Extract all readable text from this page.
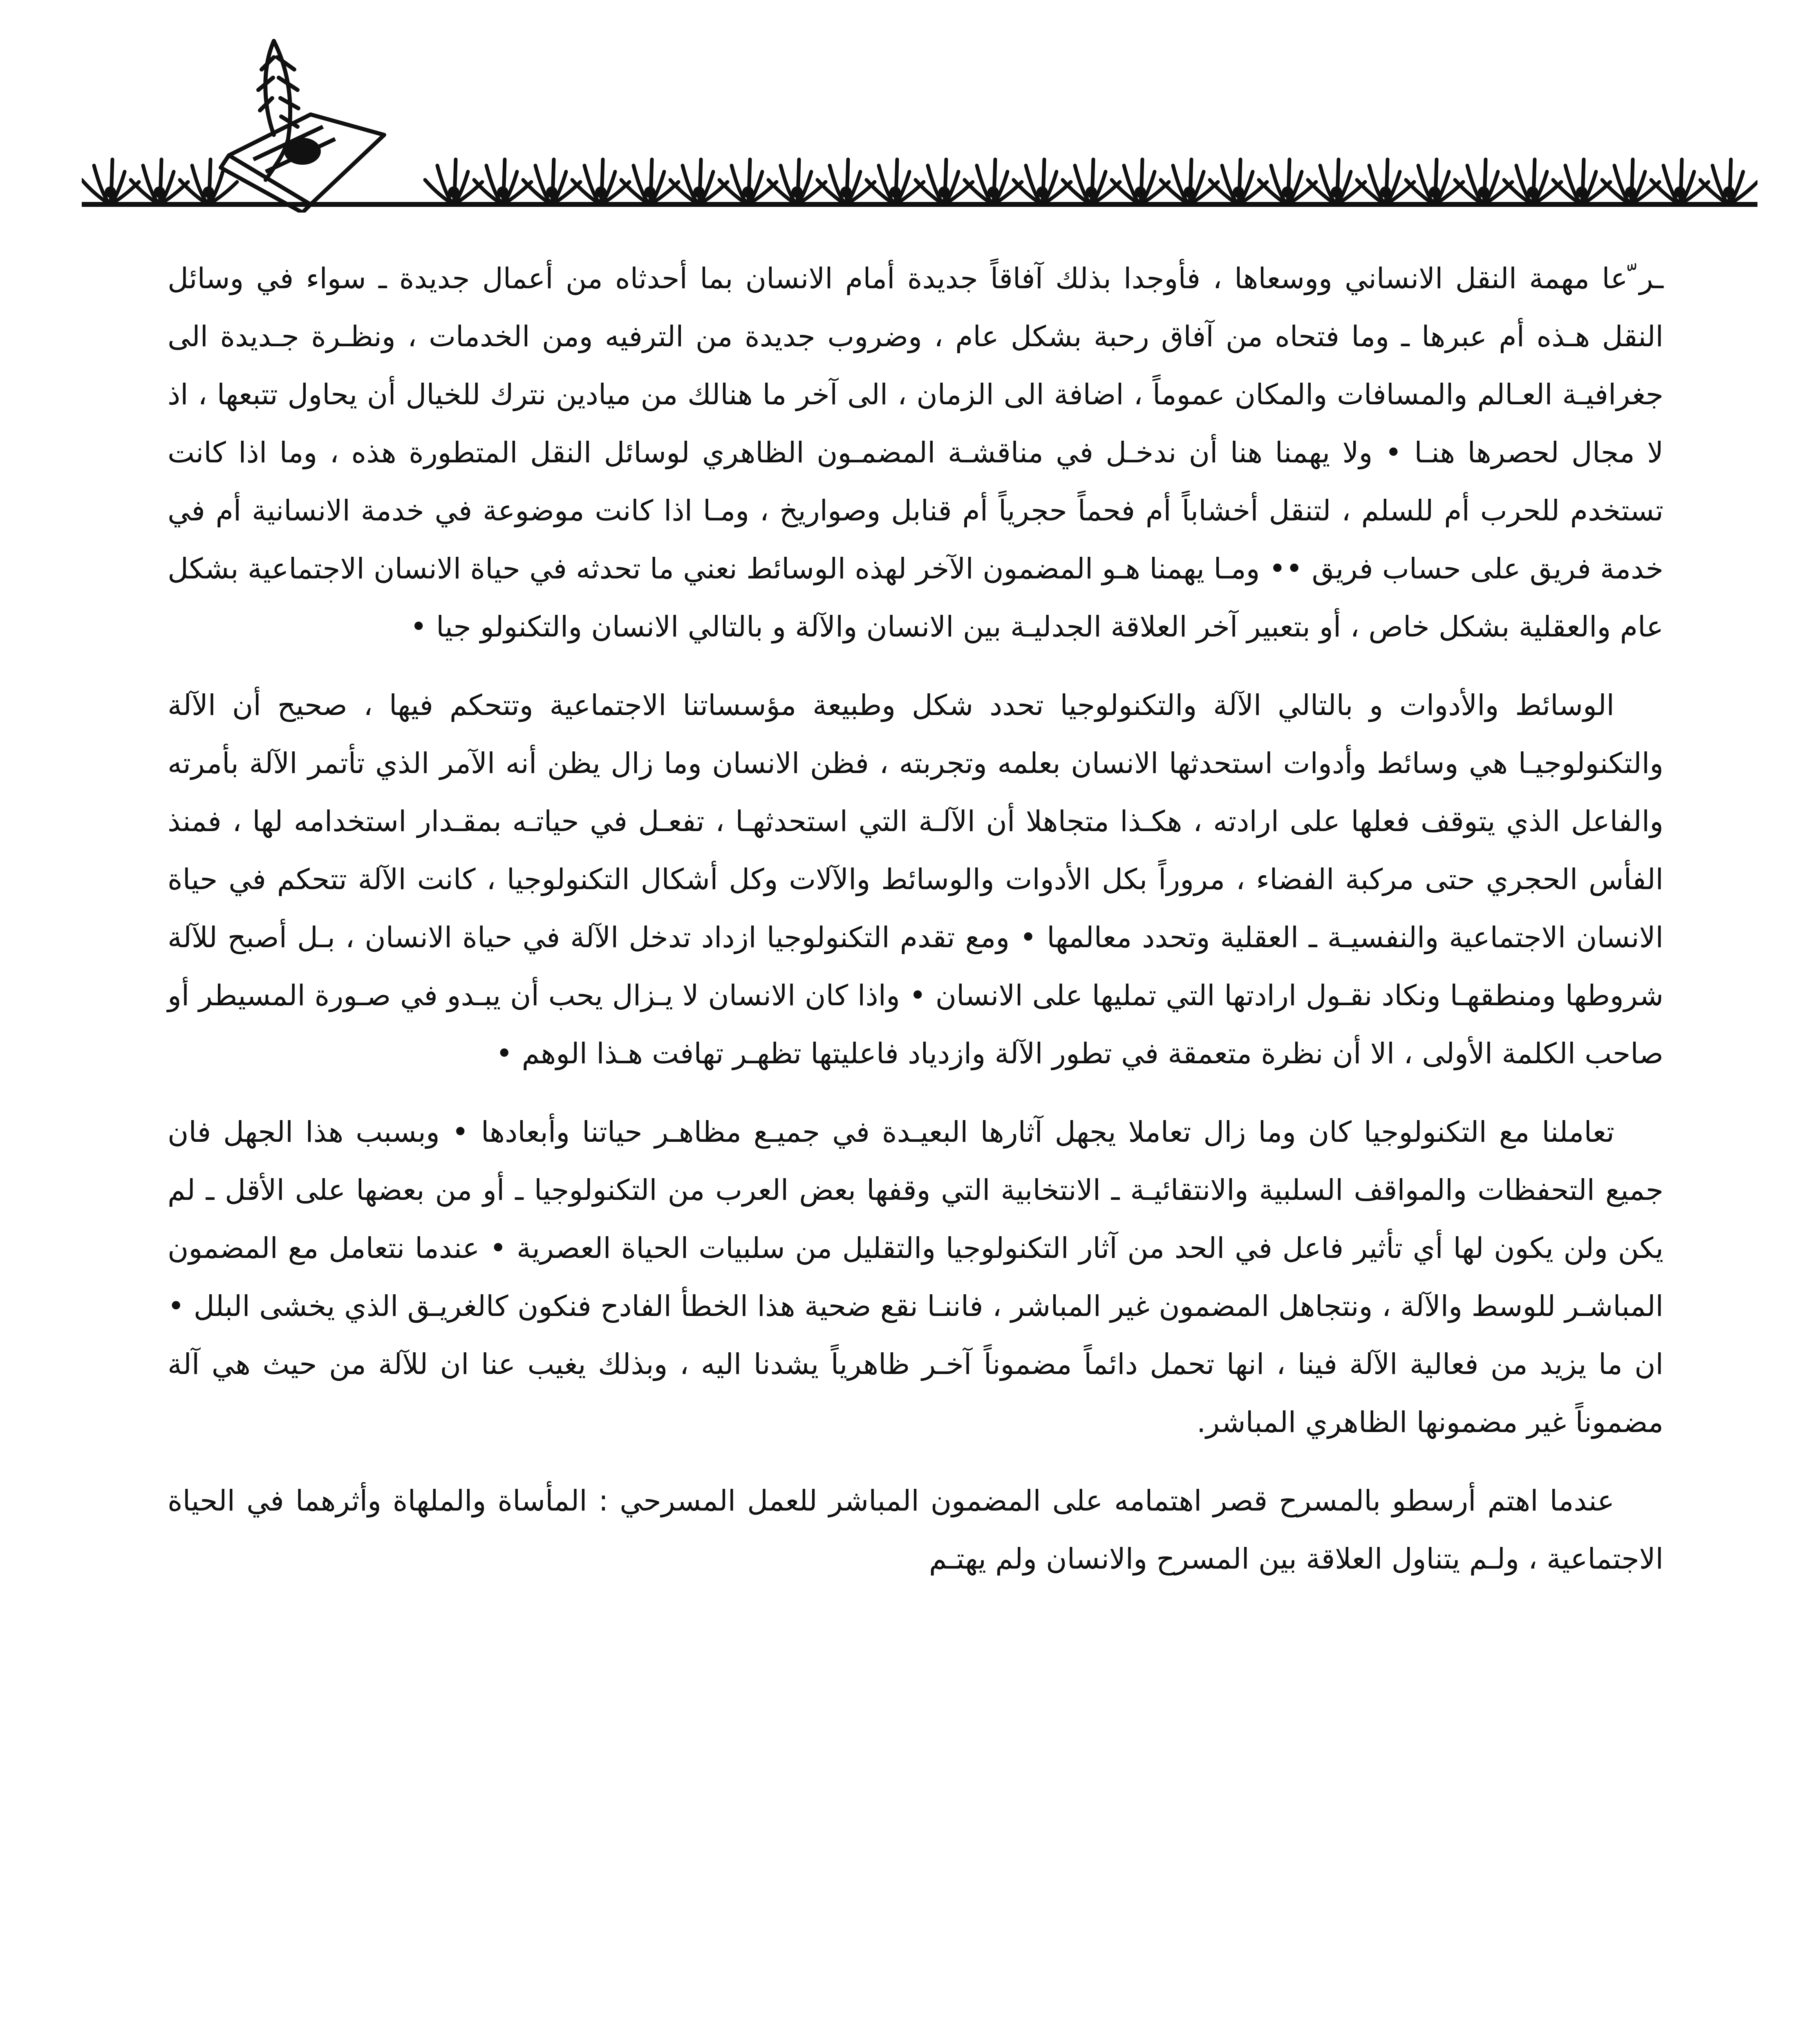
ـر ّعا مهمة النقل الانساني ووسعاها ، فأوجدا بذلك آفاقاً جديدة أمام الانسان بما أحدثاه من أعمال جديدة ـ سواء في وسائل النقل هـذه أم عبرها ـ وما فتحاه من آفاق رحبة بشكل عام ، وضروب جديدة من الترفيه ومن الخدمات ، ونظـرة جـديدة الى جغرافيـة العـالم والمسافات والمكان عموماً ، اضافة الى الزمان ، الى آخر ما هنالك من ميادين نترك للخيال أن يحاول تتبعها ، اذ لا مجال لحصرها هنـا • ولا يهمنا هنا أن ندخـل في مناقشـة المضمـون الظاهري لوسائل النقل المتطورة هذه ، وما اذا كانت تستخدم للحرب أم للسلم ، لتنقل أخشاباً أم فحماً حجرياً أم قنابل وصواريخ ، ومـا اذا كانت موضوعة في خدمة الانسانية أم في خدمة فريق على حساب فريق •• ومـا يهمنا هـو المضمون الآخر لهذه الوسائط نعني ما تحدثه في حياة الانسان الاجتماعية بشكل عام والعقلية بشكل خاص ، أو بتعبير آخر العلاقة الجدليـة بين الانسان والآلة و بالتالي الانسان والتكنولو جيا •

الوسائط والأدوات و بالتالي الآلة والتكنولوجيا تحدد شكل وطبيعة مؤسساتنا الاجتماعية وتتحكم فيها ، صحيح أن الآلة والتكنولوجيـا هي وسائط وأدوات استحدثها الانسان بعلمه وتجربته ، فظن الانسان وما زال يظن أنه الآمر الذي تأتمر الآلة بأمرته والفاعل الذي يتوقف فعلها على ارادته ، هكـذا متجاهلا أن الآلـة التي استحدثهـا ، تفعـل في حياتـه بمقـدار استخدامه لها ، فمنذ الفأس الحجري حتى مركبة الفضاء ، مروراً بكل الأدوات والوسائط والآلات وكل أشكال التكنولوجيا ، كانت الآلة تتحكم في حياة الانسان الاجتماعية والنفسيـة ـ العقلية وتحدد معالمها • ومع تقدم التكنولوجيا ازداد تدخل الآلة في حياة الانسان ، بـل أصبح للآلة شروطها ومنطقهـا ونكاد نقـول ارادتها التي تمليها على الانسان • واذا كان الانسان لا يـزال يحب أن يبـدو في صـورة المسيطر أو صاحب الكلمة الأولى ، الا أن نظرة متعمقة في تطور الآلة وازدياد فاعليتها تظهـر تهافت هـذا الوهم •

تعاملنا مع التكنولوجيا كان وما زال تعاملا يجهل آثارها البعيـدة في جميـع مظاهـر حياتنا وأبعادها • وبسبب هذا الجهل فان جميع التحفظات والمواقف السلبية والانتقائيـة ـ الانتخابية التي وقفها بعض العرب من التكنولوجيا ـ أو من بعضها على الأقل ـ لم يكن ولن يكون لها أي تأثير فاعل في الحد من آثار التكنولوجيا والتقليل من سلبيات الحياة العصرية • عندما نتعامل مع المضمون المباشـر للوسط والآلة ، ونتجاهل المضمون غير المباشر ، فاننـا نقع ضحية هذا الخطأ الفادح فنكون كالغريـق الذي يخشى البلل • ان ما يزيد من فعالية الآلة فينا ، انها تحمل دائماً مضموناً آخـر ظاهرياً يشدنا اليه ، وبذلك يغيب عنا ان للآلة من حيث هي آلة مضموناً غير مضمونها الظاهري المباشر.

عندما اهتم أرسطو بالمسرح قصر اهتمامه على المضمون المباشر للعمل المسرحي : المأساة والملهاة وأثرهما في الحياة الاجتماعية ، ولـم يتناول العلاقة بين المسرح والانسان ولم يهتـم
